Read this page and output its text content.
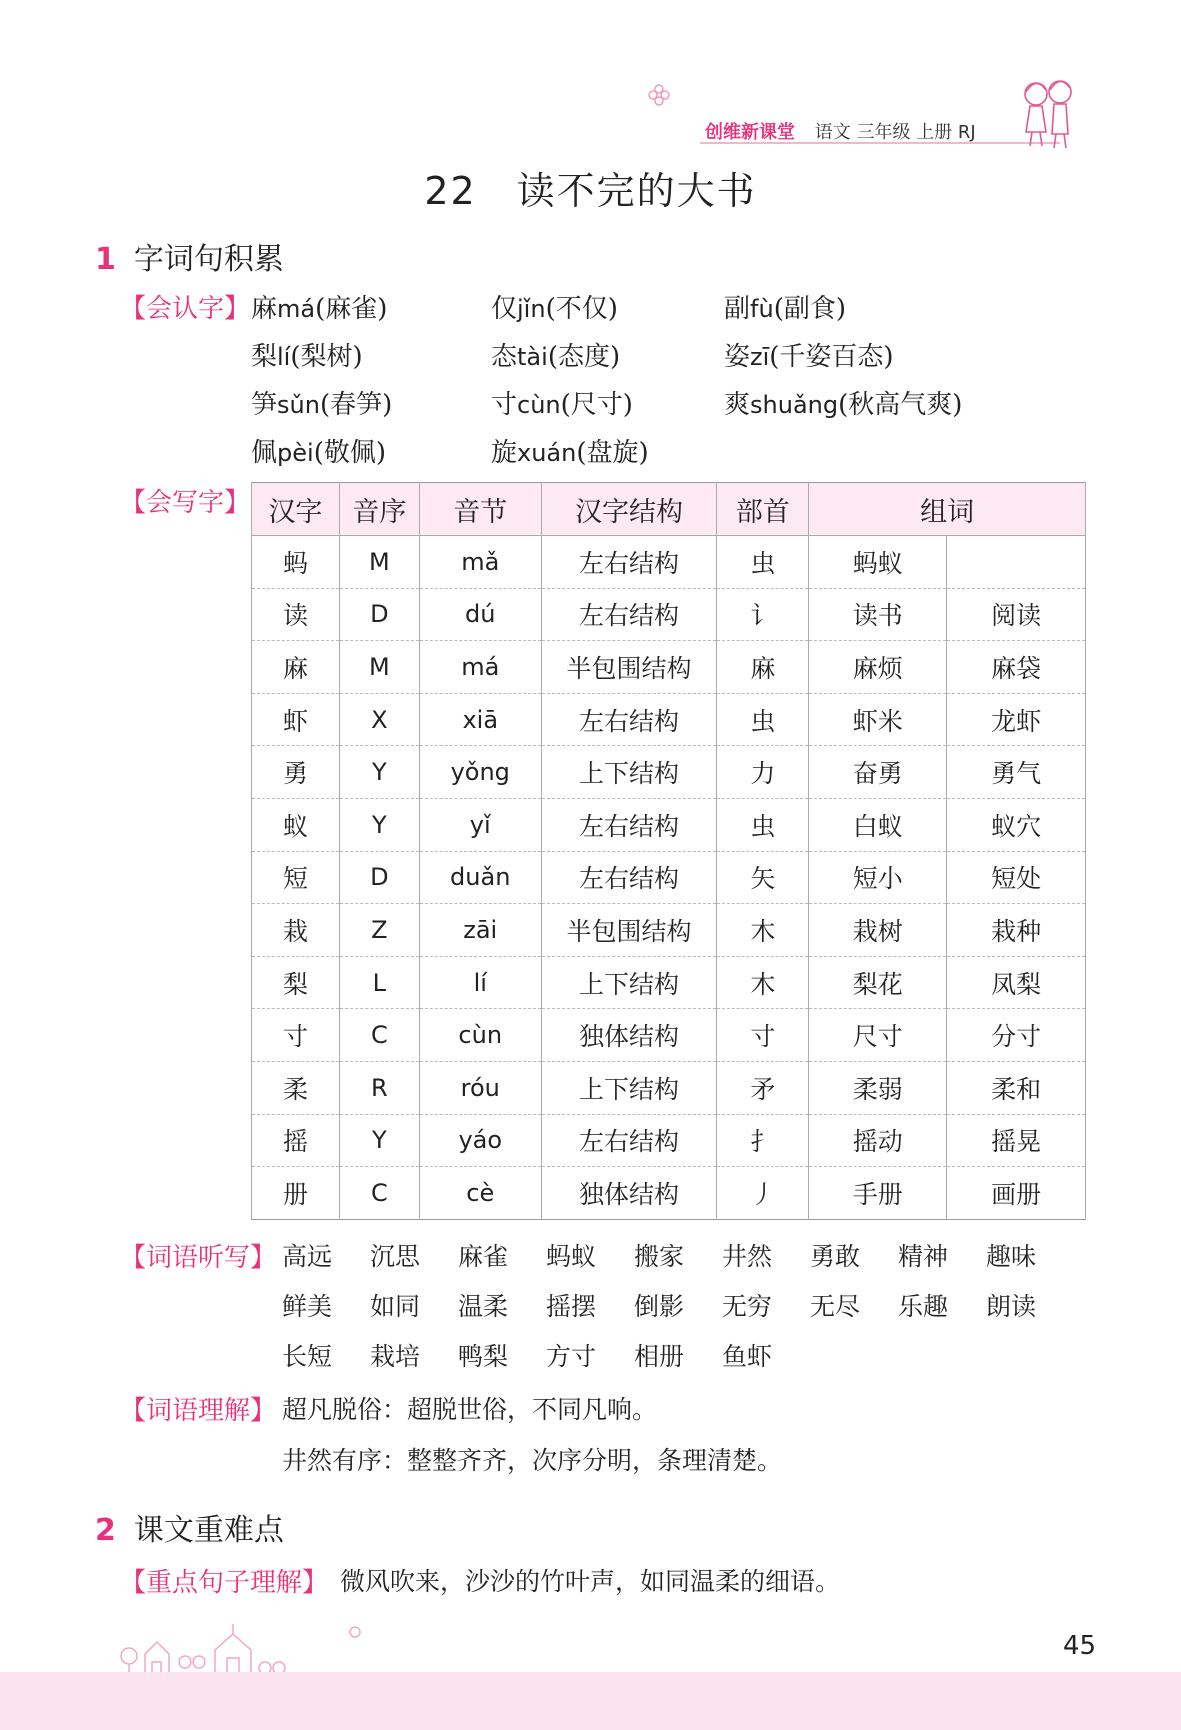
创维新课堂 语文 三年级 上册 RJ
22 读不完的大书
1 字词句积累
【会认字】 麻má(麻雀)	仅jǐn(不仅)	副fù(副食)
梨lí(梨树)	态tài(态度)	姿zī(千姿百态)
笋sǔn(春笋)	寸cùn(尺寸)	爽shuǎng(秋高气爽)
佩pèi(敬佩)	旋xuán(盘旋)
【会写字】 汉字	音序	音节	汉字结构	部首	组词	
蚂	M	mǎ	左右结构	虫	蚂蚁	
读	D	dú	左右结构	讠	读书	阅读
麻	M	má	半包围结构	麻	麻烦	麻袋
虾	X	xiā	左右结构	虫	虾米	龙虾
勇	Y	yǒng	上下结构	力	奋勇	勇气
蚁	Y	yǐ	左右结构	虫	白蚁	蚁穴
短	D	duǎn	左右结构	矢	短小	短处
栽	Z	zāi	半包围结构	木	栽树	栽种
梨	L	lí	上下结构	木	梨花	凤梨
寸	C	cùn	独体结构	寸	尺寸	分寸
柔	R	róu	上下结构	矛	柔弱	柔和
摇	Y	yáo	左右结构	扌	摇动	摇晃
册	C	cè	独体结构	丿	手册	画册
【词语听写】 高远 沉思 麻雀 蚂蚁 搬家 井然 勇敢 精神 趣味
鲜美 如同 温柔 摇摆 倒影 无穷 无尽 乐趣 朗读
长短 栽培 鸭梨 方寸 相册 鱼虾
【词语理解】 超凡脱俗：超脱世俗，不同凡响。
井然有序：整整齐齐，次序分明，条理清楚。
2 课文重难点
【重点句子理解】 微风吹来，沙沙的竹叶声，如同温柔的细语。
45
